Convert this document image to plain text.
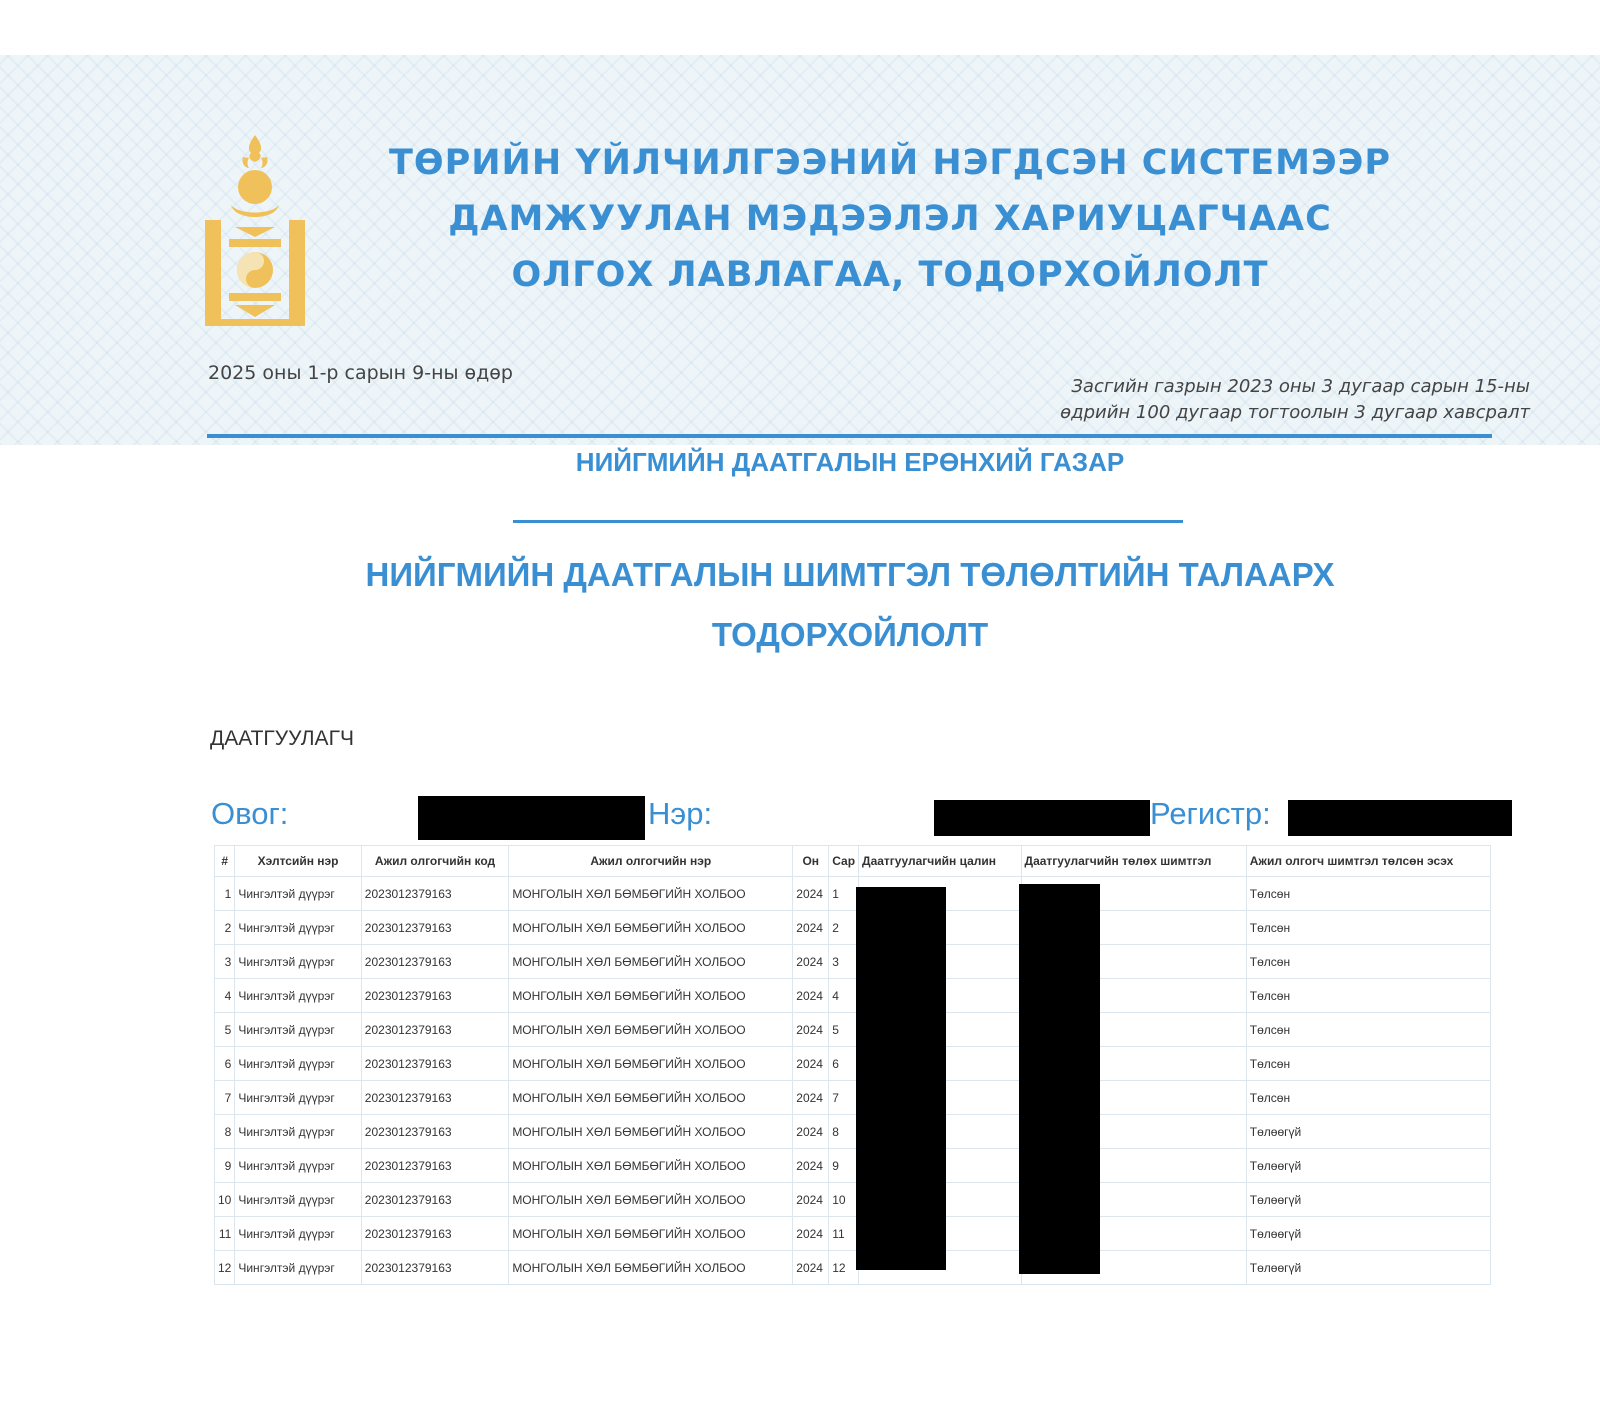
ТӨРИЙН ҮЙЛЧИЛГЭЭНИЙ НЭГДСЭН СИСТЕМЭЭР
ДАМЖУУЛАН МЭДЭЭЛЭЛ ХАРИУЦАГЧААС
ОЛГОХ ЛАВЛАГАА, ТОДОРХОЙЛОЛТ
2025 оны 1-р сарын 9-ны өдөр
Засгийн газрын 2023 оны 3 дугаар сарын 15-ны
өдрийн 100 дугаар тогтоолын 3 дугаар хавсралт
НИЙГМИЙН ДААТГАЛЫН ЕРӨНХИЙ ГАЗАР
НИЙГМИЙН ДААТГАЛЫН ШИМТГЭЛ ТӨЛӨЛТИЙН ТАЛААРХ
ТОДОРХОЙЛОЛТ
ДААТГУУЛАГЧ
Овог:	Нэр:	Регистр:
#	Хэлтсийн нэр	Ажил олгогчийн код	Ажил олгогчийн нэр	Он	Сар	Даатгуулагчийн цалин	Даатгуулагчийн төлөх шимтгэл	Ажил олгогч шимтгэл төлсөн эсэх
1	Чингэлтэй дүүрэг	2023012379163	МОНГОЛЫН ХӨЛ БӨМБӨГИЙН ХОЛБОО	2024	1			Төлсөн
2	Чингэлтэй дүүрэг	2023012379163	МОНГОЛЫН ХӨЛ БӨМБӨГИЙН ХОЛБОО	2024	2			Төлсөн
3	Чингэлтэй дүүрэг	2023012379163	МОНГОЛЫН ХӨЛ БӨМБӨГИЙН ХОЛБОО	2024	3			Төлсөн
4	Чингэлтэй дүүрэг	2023012379163	МОНГОЛЫН ХӨЛ БӨМБӨГИЙН ХОЛБОО	2024	4			Төлсөн
5	Чингэлтэй дүүрэг	2023012379163	МОНГОЛЫН ХӨЛ БӨМБӨГИЙН ХОЛБОО	2024	5			Төлсөн
6	Чингэлтэй дүүрэг	2023012379163	МОНГОЛЫН ХӨЛ БӨМБӨГИЙН ХОЛБОО	2024	6			Төлсөн
7	Чингэлтэй дүүрэг	2023012379163	МОНГОЛЫН ХӨЛ БӨМБӨГИЙН ХОЛБОО	2024	7			Төлсөн
8	Чингэлтэй дүүрэг	2023012379163	МОНГОЛЫН ХӨЛ БӨМБӨГИЙН ХОЛБОО	2024	8			Төлөөгүй
9	Чингэлтэй дүүрэг	2023012379163	МОНГОЛЫН ХӨЛ БӨМБӨГИЙН ХОЛБОО	2024	9			Төлөөгүй
10	Чингэлтэй дүүрэг	2023012379163	МОНГОЛЫН ХӨЛ БӨМБӨГИЙН ХОЛБОО	2024	10			Төлөөгүй
11	Чингэлтэй дүүрэг	2023012379163	МОНГОЛЫН ХӨЛ БӨМБӨГИЙН ХОЛБОО	2024	11			Төлөөгүй
12	Чингэлтэй дүүрэг	2023012379163	МОНГОЛЫН ХӨЛ БӨМБӨГИЙН ХОЛБОО	2024	12			Төлөөгүй
